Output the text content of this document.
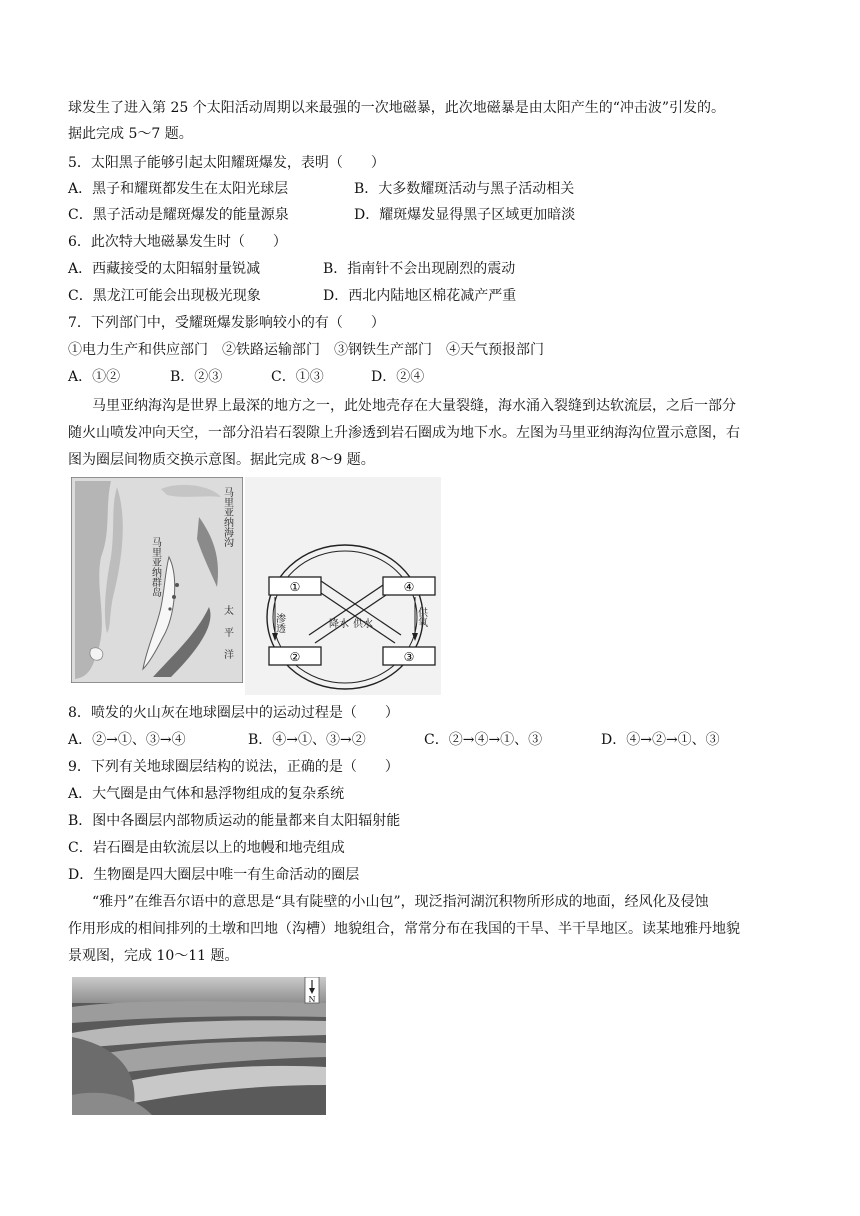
球发生了进入第 25 个太阳活动周期以来最强的一次地磁暴，此次地磁暴是由太阳产生的“冲击波”引发的。
据此完成 5～7 题。
5．太阳黑子能够引起太阳耀斑爆发，表明（　　）
A．黑子和耀斑都发生在太阳光球层	B．大多数耀斑活动与黑子活动相关
C．黑子活动是耀斑爆发的能量源泉	D．耀斑爆发显得黑子区域更加暗淡
6．此次特大地磁暴发生时（　　）
A．西藏接受的太阳辐射量锐减	B．指南针不会出现剧烈的震动
C．黑龙江可能会出现极光现象	D．西北内陆地区棉花减产严重
7．下列部门中，受耀斑爆发影响较小的有（　　）
①电力生产和供应部门　②铁路运输部门　③钢铁生产部门　④天气预报部门
A．①②	B．②③	C．①③	D．②④
马里亚纳海沟是世界上最深的地方之一，此处地壳存在大量裂缝，海水涌入裂缝到达软流层，之后一部分
随火山喷发冲向天空，一部分沿岩石裂隙上升渗透到岩石圈成为地下水。左图为马里亚纳海沟位置示意图，右
图为圈层间物质交换示意图。据此完成 8～9 题。
马里亚纳海沟
马里亚纳群岛
太平洋
①	④
②	③
渗透	降水 供水	供氧
8．喷发的火山灰在地球圈层中的运动过程是（　　）
A．②→①、③→④	B．④→①、③→②	C．②→④→①、③	D．④→②→①、③
9．下列有关地球圈层结构的说法，正确的是（　　）
A．大气圈是由气体和悬浮物组成的复杂系统
B．图中各圈层内部物质运动的能量都来自太阳辐射能
C．岩石圈是由软流层以上的地幔和地壳组成
D．生物圈是四大圈层中唯一有生命活动的圈层
“雅丹”在维吾尔语中的意思是“具有陡壁的小山包”，现泛指河湖沉积物所形成的地面，经风化及侵蚀
作用形成的相间排列的土墩和凹地（沟槽）地貌组合，常常分布在我国的干旱、半干旱地区。读某地雅丹地貌
景观图，完成 10～11 题。
N
